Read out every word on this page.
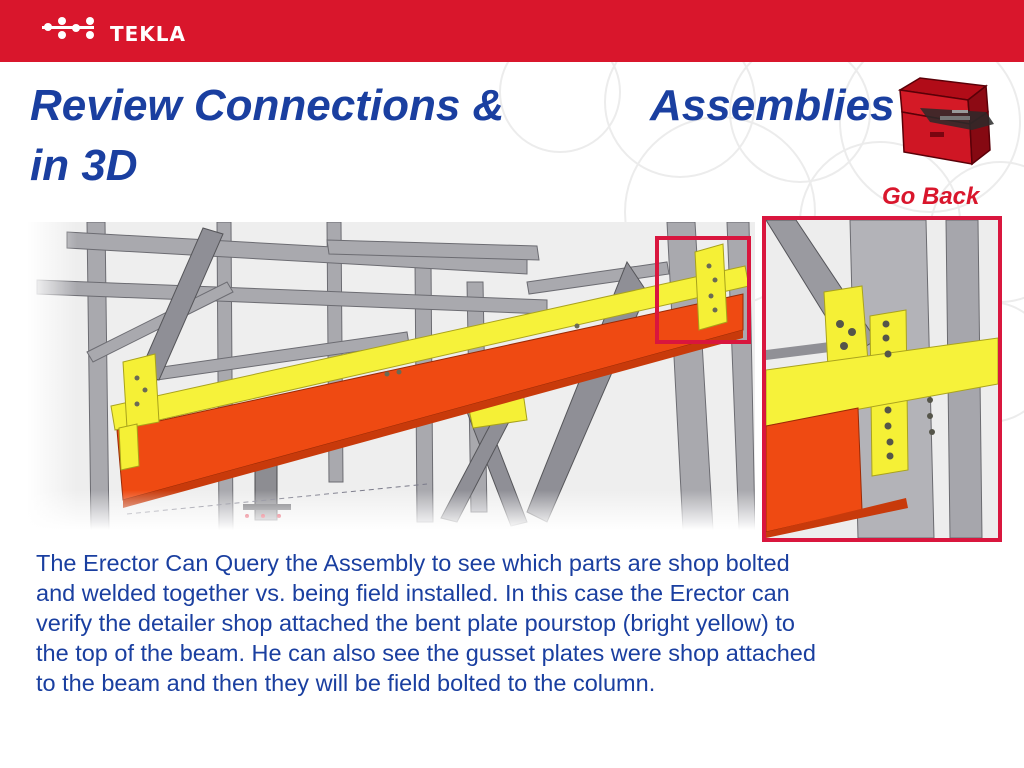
TEKLA
Review Connections &	Assemblies
in 3D
Go Back

The Erector Can Query the Assembly to see which parts are shop bolted
and welded together vs. being field installed. In this case the Erector can
verify the detailer shop attached the bent plate pourstop (bright yellow) to
the top of the beam. He can also see the gusset plates were shop attached
to the beam and then they will be field bolted to the column.
